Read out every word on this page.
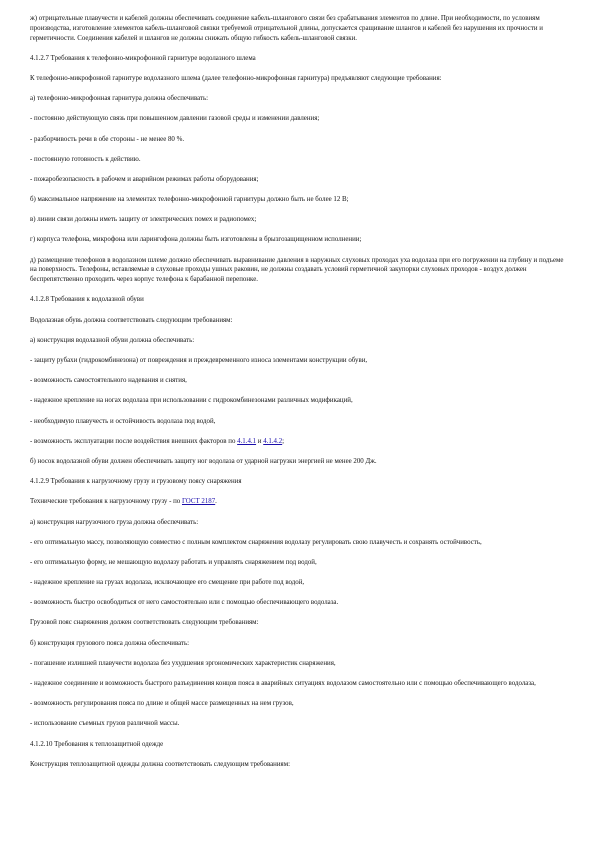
ж) отрицательные плавучести и кабелей должны обеспечивать соединение кабель-шлангового связи без срабатывания элементов по длине. При необходимости, по условиям производства, изготовление элементов кабель-шланговой связки требуемой отрицательной длины, допускается сращивание шлангов и кабелей без нарушения их прочности и герметичности. Соединения кабелей и шлангов не должны снижать общую гибкость кабель-шланговой связки.

4.1.2.7 Требования к телефонно-микрофонной гарнитуре водолазного шлема

К телефонно-микрофонной гарнитуре водолазного шлема (далее телефонно-микрофонная гарнитура) предъявляют следующие требования:

а) телефонно-микрофонная гарнитура должна обеспечивать:

- постоянно действующую связь при повышенном давлении газовой среды и изменении давления;

- разборчивость речи в обе стороны - не менее 80 %.

- постоянную готовность к действию.

- пожаробезопасность в рабочем и аварийном режимах работы оборудования;

б) максимальное напряжение на элементах телефонно-микрофонной гарнитуры должно быть не более 12 В;

в) линии связи должны иметь защиту от электрических помех и радиопомех;

г) корпуса телефона, микрофона или ларингофона должны быть изготовлены в брызгозащищенном исполнении;

д) размещение телефонов в водолазном шлеме должно обеспечивать выравнивание давления в наружных слуховых проходах уха водолаза при его погружении на глубину и подъеме на поверхность. Телефоны, вставляемые в слуховые проходы ушных раковин, не должны создавать условий герметичной закупорки слуховых проходов - воздух должен беспрепятственно проходить через корпус телефона к барабанной перепонке.

4.1.2.8 Требования к водолазной обуви

Водолазная обувь должна соответствовать следующим требованиям:

а) конструкция водолазной обуви должна обеспечивать:

- защиту рубахи (гидрокомбинезона) от повреждения и преждевременного износа элементами конструкции обуви,

- возможность самостоятельного надевания и снятия,

- надежное крепление на ногах водолаза при использовании с гидрокомбинезонами различных модификаций,

- необходимую плавучесть и остойчивость водолаза под водой,

- возможность эксплуатации после воздействия внешних факторов по 4.1.4.1 и 4.1.4.2;

б) носок водолазной обуви должен обеспечивать защиту ног водолаза от ударной нагрузки энергией не менее 200 Дж.

4.1.2.9 Требования к нагрузочному грузу и грузовому поясу снаряжения

Технические требования к нагрузочному грузу - по ГОСТ 2187.

а) конструкция нагрузочного груза должна обеспечивать:

- его оптимальную массу, позволяющую совместно с полным комплектом снаряжения водолазу регулировать свою плавучесть и сохранять остойчивость,

- его оптимальную форму, не мешающую водолазу работать и управлять снаряжением под водой,

- надежное крепление на грузах водолаза, исключающее его смещение при работе под водой,

- возможность быстро освободиться от него самостоятельно или с помощью обеспечивающего водолаза.

Грузовой пояс снаряжения должен соответствовать следующим требованиям:

б) конструкция грузового пояса должна обеспечивать:

- погашение излишней плавучести водолаза без ухудшения эргономических характеристик снаряжения,

- надежное соединение и возможность быстрого разъединения концов пояса в аварийных ситуациях водолазом самостоятельно или с помощью обеспечивающего водолаза,

- возможность регулирования пояса по длине и общей массе размещенных на нем грузов,

- использование съемных грузов различной массы.

4.1.2.10 Требования к теплозащитной одежде

Конструкция теплозащитной одежды должна соответствовать следующим требованиям:
